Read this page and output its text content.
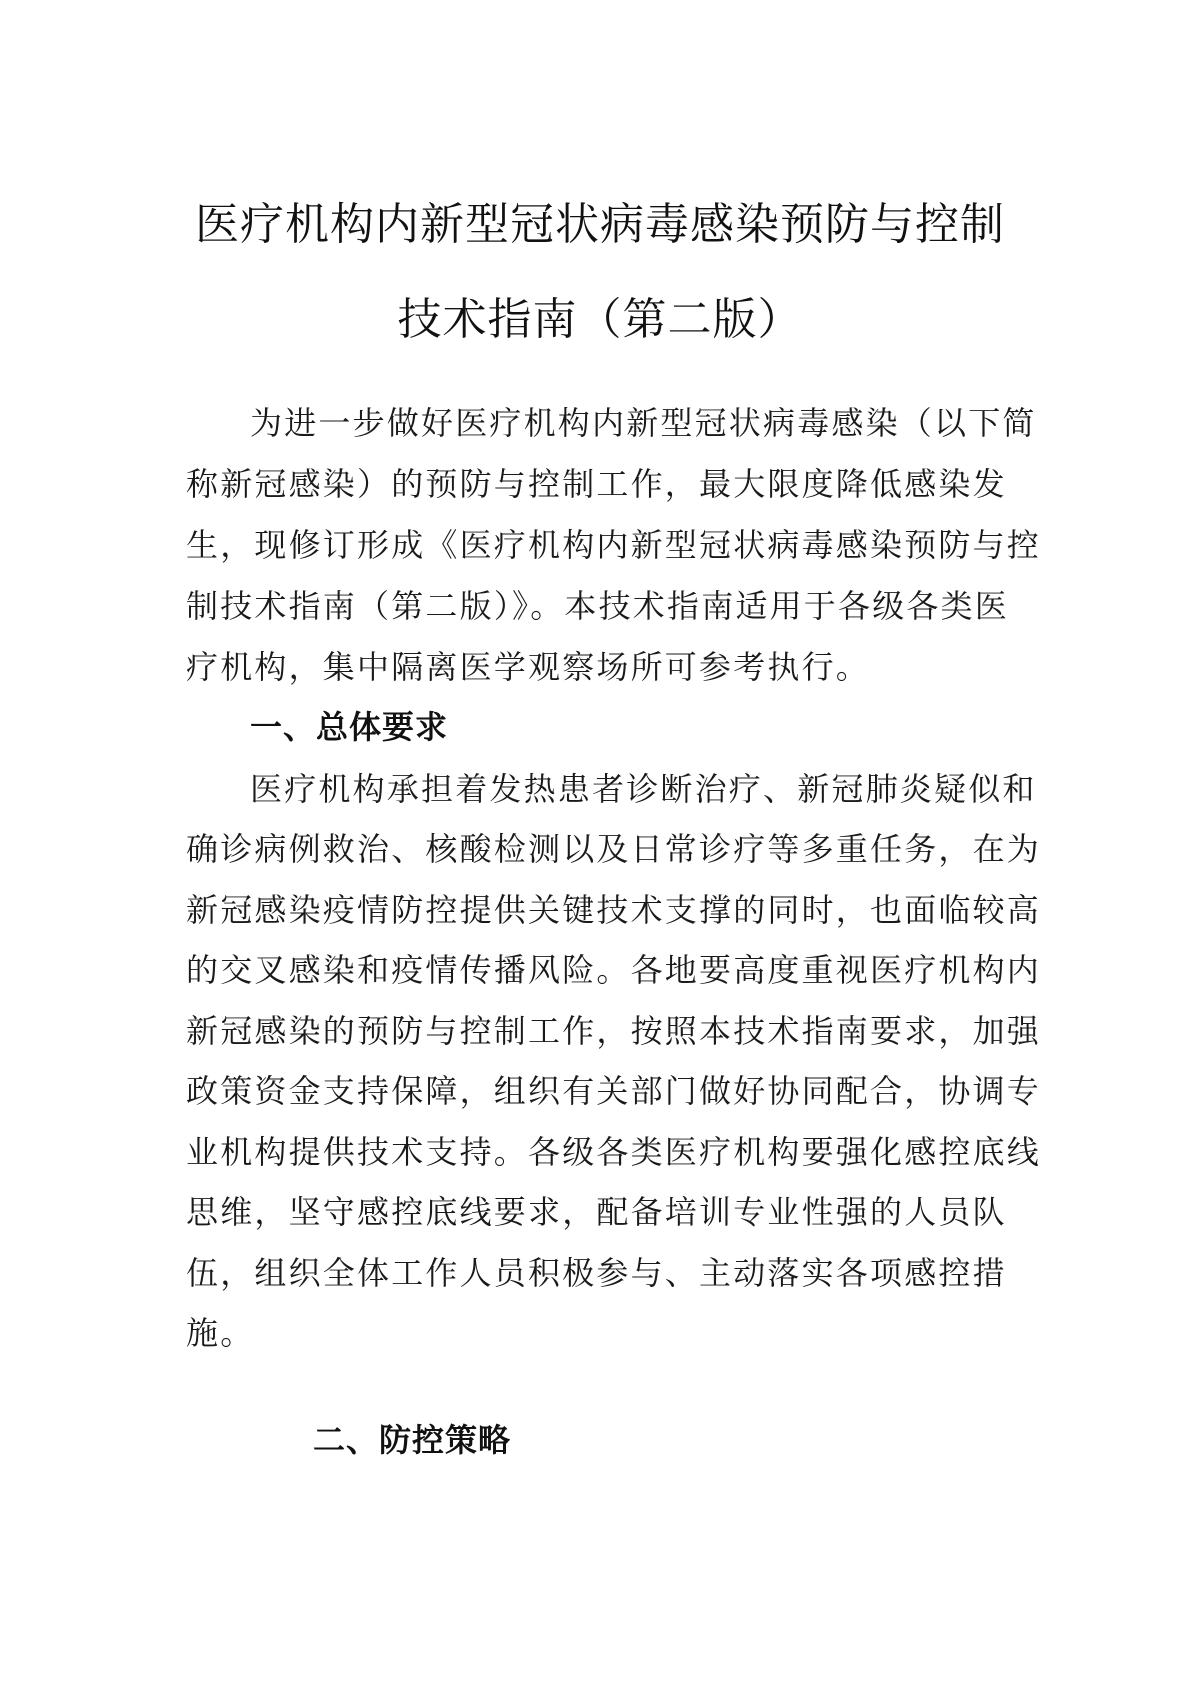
医疗机构内新型冠状病毒感染预防与控制
技术指南（第二版）
为进一步做好医疗机构内新型冠状病毒感染（以下简
称新冠感染）的预防与控制工作，最大限度降低感染发
生，现修订形成《医疗机构内新型冠状病毒感染预防与控
制技术指南（第二版）》。本技术指南适用于各级各类医
疗机构，集中隔离医学观察场所可参考执行。
一、总体要求
医疗机构承担着发热患者诊断治疗、新冠肺炎疑似和
确诊病例救治、核酸检测以及日常诊疗等多重任务，在为
新冠感染疫情防控提供关键技术支撑的同时，也面临较高
的交叉感染和疫情传播风险。各地要高度重视医疗机构内
新冠感染的预防与控制工作，按照本技术指南要求，加强
政策资金支持保障，组织有关部门做好协同配合，协调专
业机构提供技术支持。各级各类医疗机构要强化感控底线
思维，坚守感控底线要求，配备培训专业性强的人员队
伍，组织全体工作人员积极参与、主动落实各项感控措
施。
二、防控策略
